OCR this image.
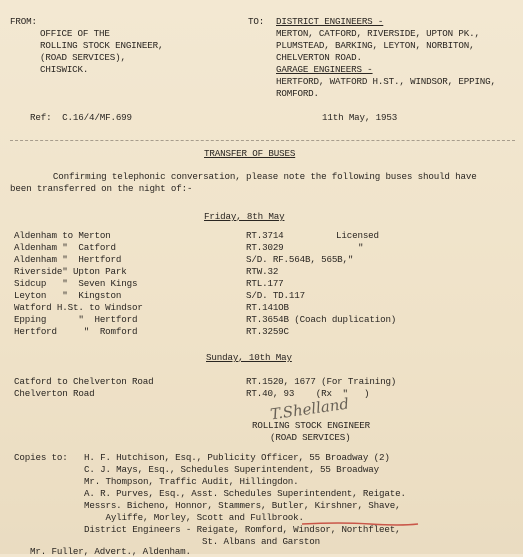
FROM:
OFFICE OF THE
ROLLING STOCK ENGINEER,
(ROAD SERVICES),
CHISWICK.
TO: DISTRICT ENGINEERS -
MERTON, CATFORD, RIVERSIDE, UPTON PK.,
PLUMSTEAD, BARKING, LEYTON, NORBITON,
CHELVERTON ROAD.
GARAGE ENGINEERS -
HERTFORD, WATFORD H.ST., WINDSOR, EPPING,
ROMFORD.
Ref:  C.16/4/MF.699	11th May, 1953
TRANSFER OF BUSES
Confirming telephonic conversation, please note the following buses should have
been transferred on the night of:-
Friday, 8th May
Aldenham to Merton	RT.3714	Licensed
Aldenham "  Catford	RT.3029	"
Aldenham "  Hertford	S/D. RF.564B, 565B,"
Riverside" Upton Park	RTW.32
Sidcup   "  Seven Kings	RTL.177
Leyton   "  Kingston	S/D. TD.117
Watford H.St. to Windsor	RT.141OB
Epping      "  Hertford	RT.3654B (Coach duplication)
Hertford     "  Romford	RT.3259C
Sunday, 10th May
Catford to Chelverton Road	RT.1520, 1677 (For Training)
Chelverton Road	RT.40, 93    (Rx  "   )
T.Shelland
ROLLING STOCK ENGINEER
(ROAD SERVICES)
Copies to: H. F. Hutchison, Esq., Publicity Officer, 55 Broadway (2)
C. J. Mays, Esq., Schedules Superintendent, 55 Broadway
Mr. Thompson, Traffic Audit, Hillingdon.
A. R. Purves, Esq., Asst. Schedules Superintendent, Reigate.
Messrs. Bicheno, Honnor, Stammers, Butler, Kirshner, Shave,
Ayliffe, Morley, Scott and Fullbrook.
District Engineers - Reigate, Romford, Windsor, Northfleet,
St. Albans and Garston
Mr. Fuller, Advert., Aldenham.
